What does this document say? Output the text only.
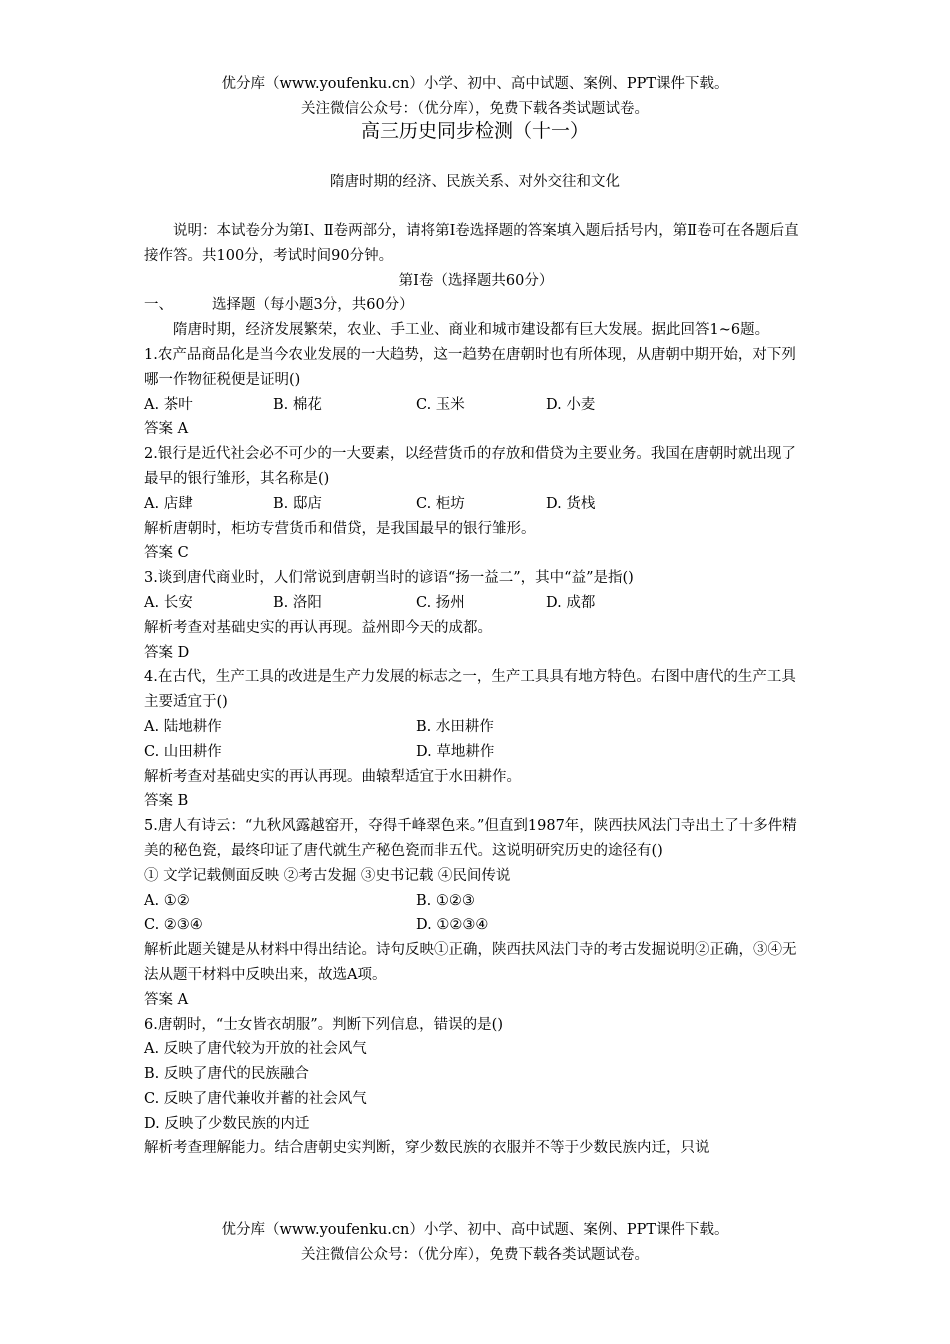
优分库（www.youfenku.cn）小学、初中、高中试题、案例、PPT课件下载。
关注微信公众号：（优分库），免费下载各类试题试卷。
高三历史同步检测（十一）
隋唐时期的经济、民族关系、对外交往和文化

说明：本试卷分为第Ⅰ、Ⅱ卷两部分，请将第Ⅰ卷选择题的答案填入题后括号内，第Ⅱ卷可在各题后直接作答。共100分，考试时间90分钟。

第Ⅰ卷（选择题共60分）

一、	选择题（每小题3分，共60分）

隋唐时期，经济发展繁荣，农业、手工业、商业和城市建设都有巨大发展。据此回答1~6题。

1.农产品商品化是当今农业发展的一大趋势，这一趋势在唐朝时也有所体现，从唐朝中期开始，对下列哪一作物征税便是证明()

A. 茶叶	B. 棉花	C. 玉米	D. 小麦

答案 A

2.银行是近代社会必不可少的一大要素，以经营货币的存放和借贷为主要业务。我国在唐朝时就出现了最早的银行雏形，其名称是()

A. 店肆	B. 邸店	C. 柜坊	D. 货栈

解析唐朝时，柜坊专营货币和借贷，是我国最早的银行雏形。

答案 C

3.谈到唐代商业时，人们常说到唐朝当时的谚语“扬一益二”，其中“益”是指()

A. 长安	B. 洛阳	C. 扬州	D. 成都

解析考查对基础史实的再认再现。益州即今天的成都。

答案 D

4.在古代，生产工具的改进是生产力发展的标志之一，生产工具具有地方特色。右图中唐代的生产工具主要适宜于()

A. 陆地耕作	B. 水田耕作
C. 山田耕作	D. 草地耕作

解析考查对基础史实的再认再现。曲辕犁适宜于水田耕作。

答案 B

5.唐人有诗云：“九秋风露越窑开，夺得千峰翠色来。”但直到1987年，陕西扶风法门寺出土了十多件精美的秘色瓷，最终印证了唐代就生产秘色瓷而非五代。这说明研究历史的途径有()

① 文学记载侧面反映 ②考古发掘 ③史书记载 ④民间传说

A. ①②	B. ①②③
C. ②③④	D. ①②③④

解析此题关键是从材料中得出结论。诗句反映①正确，陕西扶风法门寺的考古发掘说明②正确，③④无法从题干材料中反映出来，故选A项。

答案 A

6.唐朝时，“士女皆衣胡服”。判断下列信息，错误的是()

A. 反映了唐代较为开放的社会风气

B. 反映了唐代的民族融合

C. 反映了唐代兼收并蓄的社会风气

D. 反映了少数民族的内迁

解析考查理解能力。结合唐朝史实判断，穿少数民族的衣服并不等于少数民族内迁，只说

优分库（www.youfenku.cn）小学、初中、高中试题、案例、PPT课件下载。
关注微信公众号：（优分库），免费下载各类试题试卷。
